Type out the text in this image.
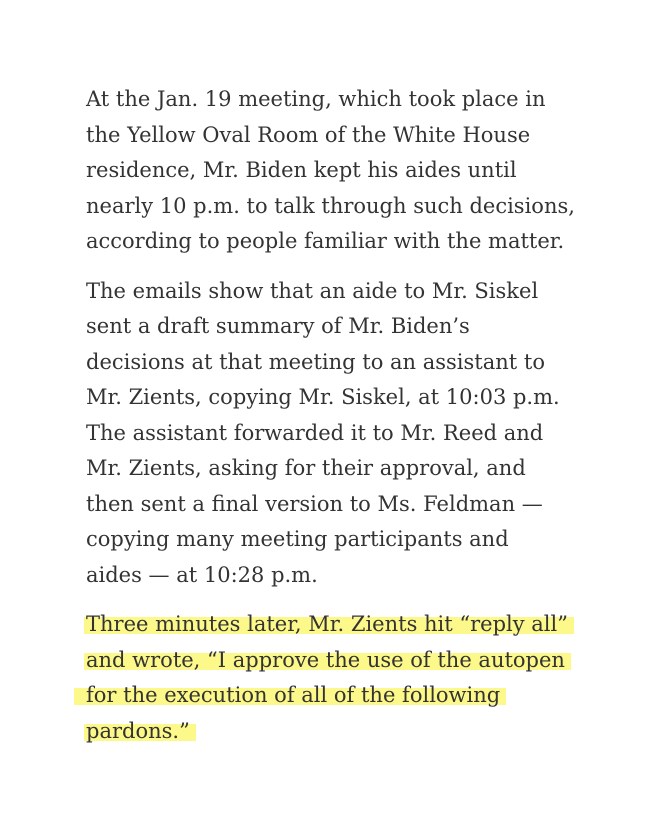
At the Jan. 19 meeting, which took place in
the Yellow Oval Room of the White House
residence, Mr. Biden kept his aides until
nearly 10 p.m. to talk through such decisions,
according to people familiar with the matter.

The emails show that an aide to Mr. Siskel
sent a draft summary of Mr. Biden’s
decisions at that meeting to an assistant to
Mr. Zients, copying Mr. Siskel, at 10:03 p.m.
The assistant forwarded it to Mr. Reed and
Mr. Zients, asking for their approval, and
then sent a final version to Ms. Feldman —
copying many meeting participants and
aides — at 10:28 p.m.

Three minutes later, Mr. Zients hit “reply all”
and wrote, “I approve the use of the autopen
for the execution of all of the following
pardons.”
